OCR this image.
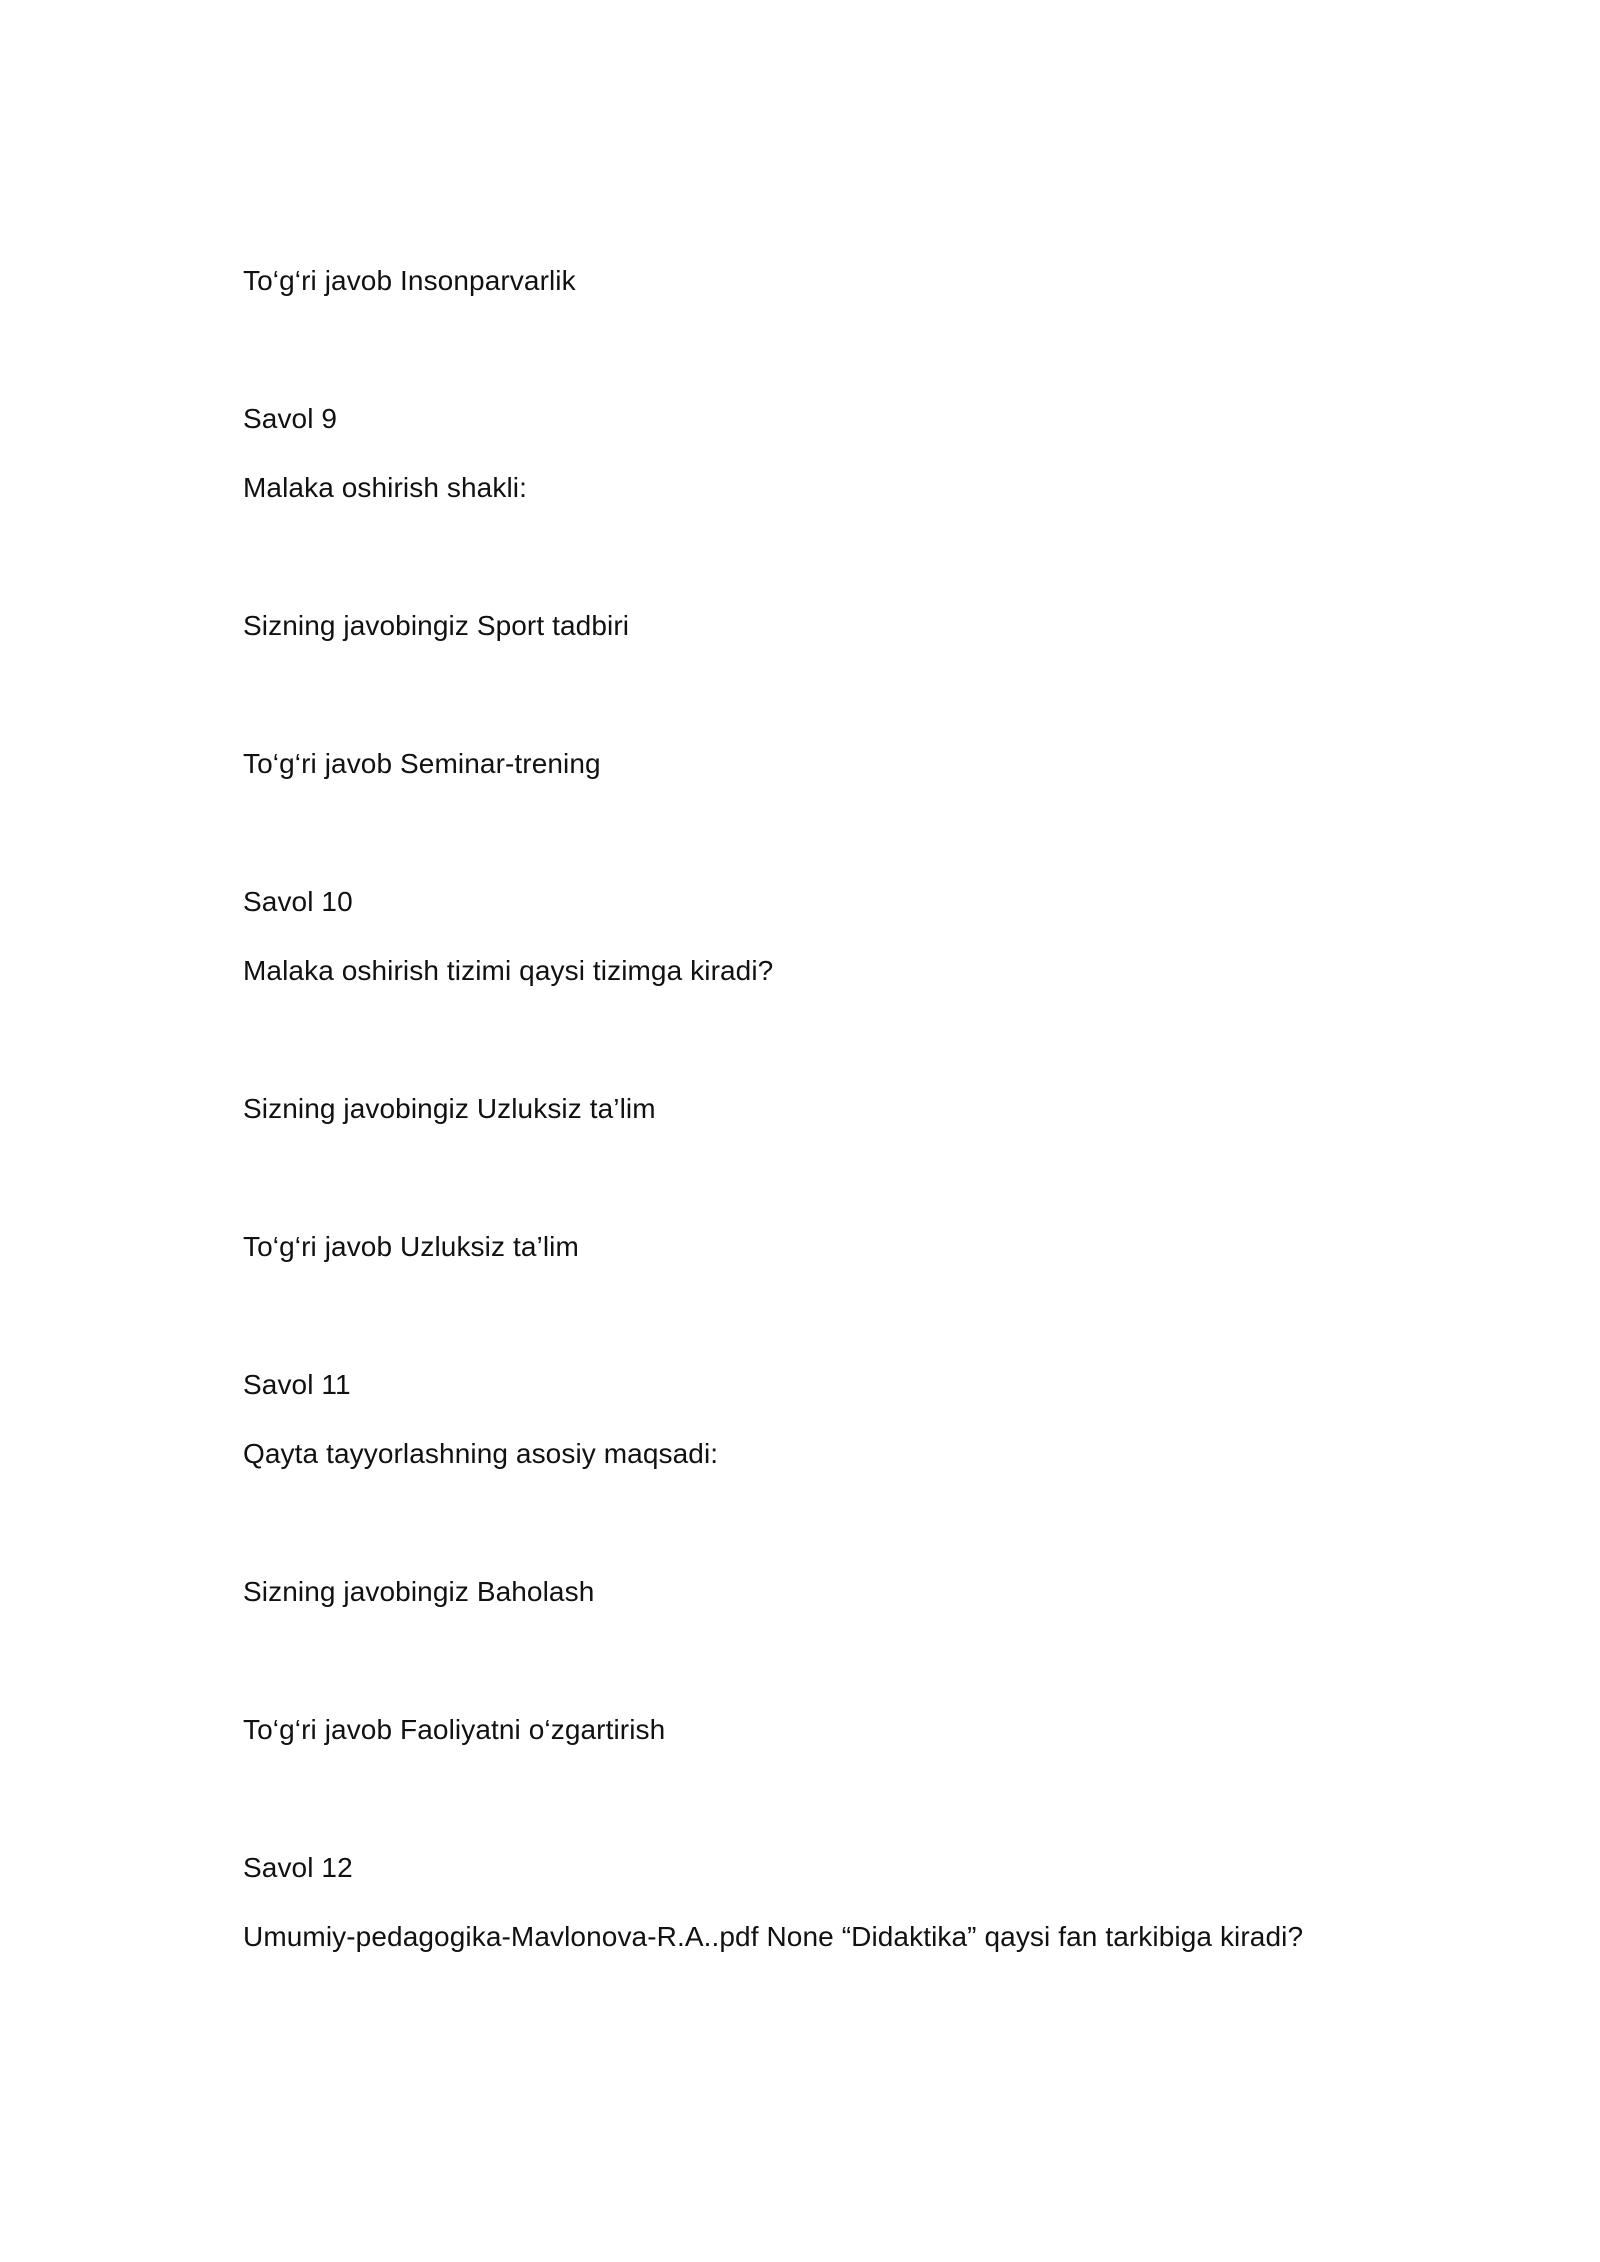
To‘g‘ri javob Insonparvarlik
Savol 9
Malaka oshirish shakli:
Sizning javobingiz Sport tadbiri
To‘g‘ri javob Seminar-trening
Savol 10
Malaka oshirish tizimi qaysi tizimga kiradi?
Sizning javobingiz Uzluksiz ta’lim
To‘g‘ri javob Uzluksiz ta’lim
Savol 11
Qayta tayyorlashning asosiy maqsadi:
Sizning javobingiz Baholash
To‘g‘ri javob Faoliyatni o‘zgartirish
Savol 12
Umumiy-pedagogika-Mavlonova-R.A..pdf None “Didaktika” qaysi fan tarkibiga kiradi?
